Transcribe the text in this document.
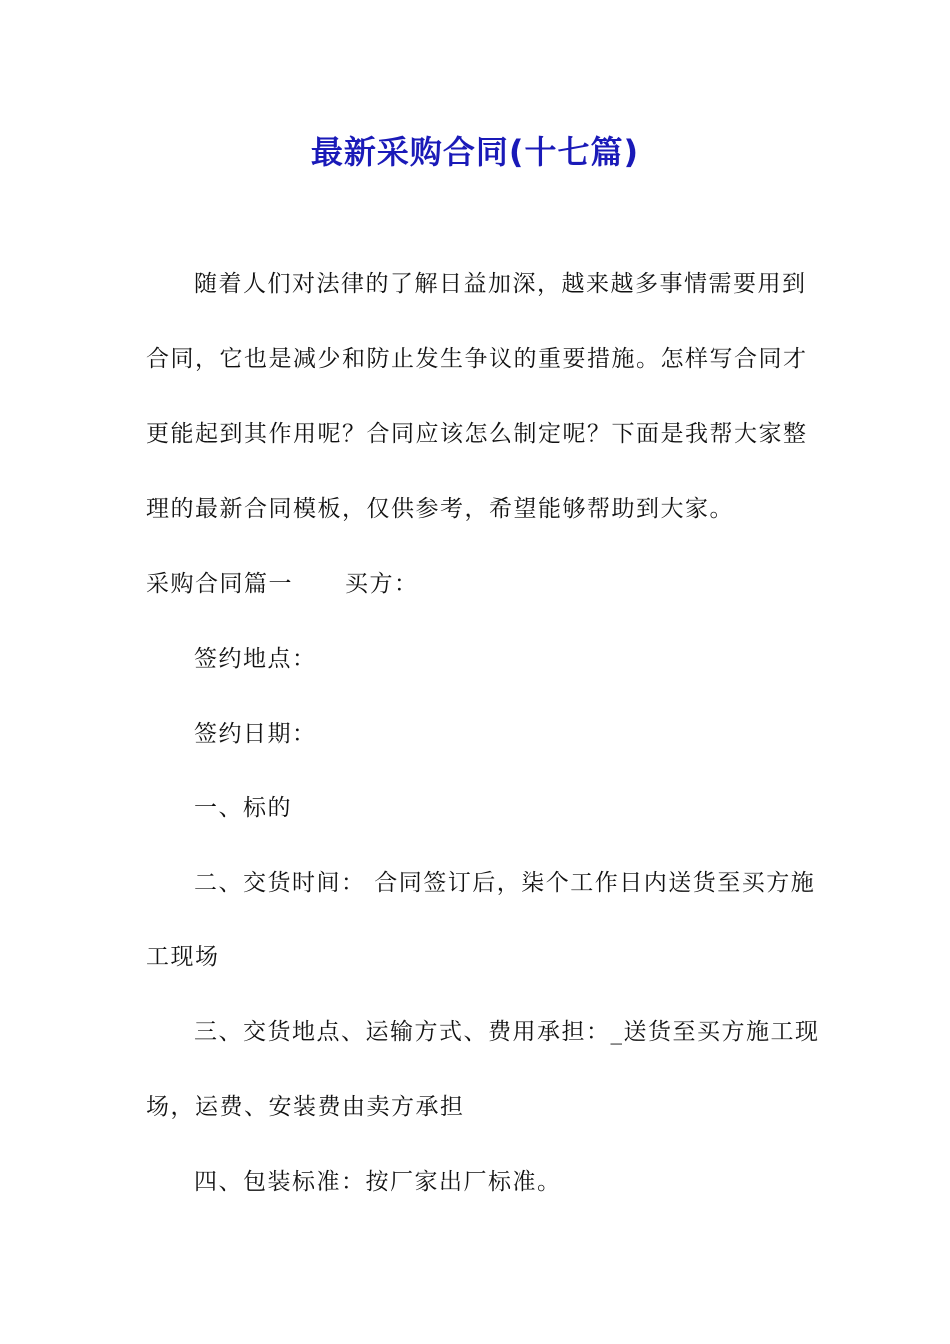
最新采购合同(十七篇)
随着人们对法律的了解日益加深，越来越多事情需要用到
合同，它也是减少和防止发生争议的重要措施。怎样写合同才
更能起到其作用呢？合同应该怎么制定呢？下面是我帮大家整
理的最新合同模板，仅供参考，希望能够帮助到大家。
采购合同篇一 买方：
签约地点：
签约日期：
一、标的
二、交货时间： 合同签订后，柒个工作日内送货至买方施
工现场
三、交货地点、运输方式、费用承担：_送货至买方施工现
场，运费、安装费由卖方承担
四、包装标准：按厂家出厂标准。
